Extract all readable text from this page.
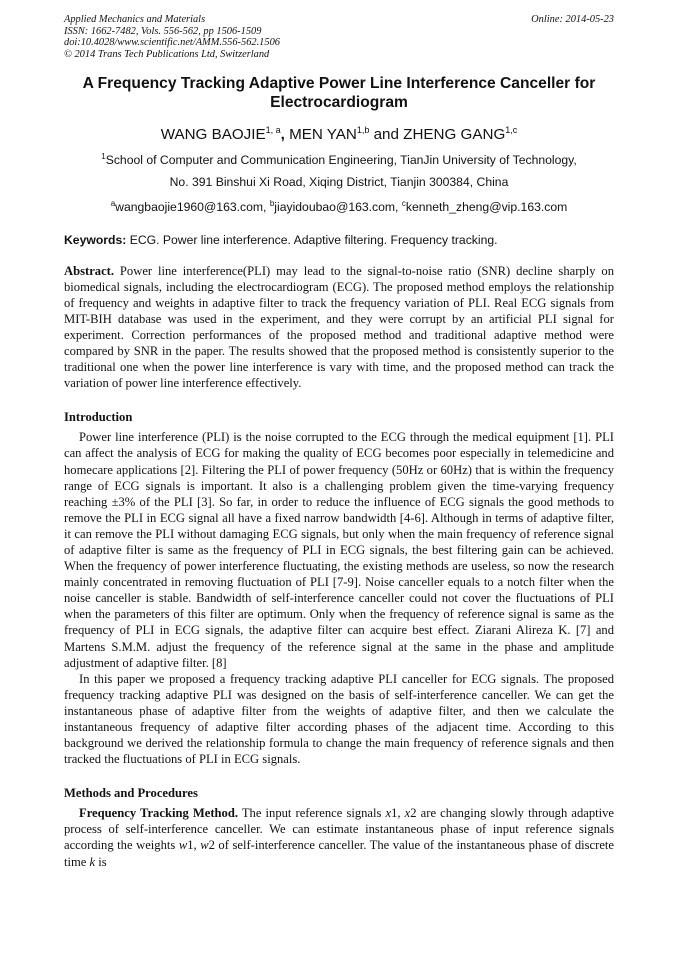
Applied Mechanics and Materials
ISSN: 1662-7482, Vols. 556-562, pp 1506-1509
doi:10.4028/www.scientific.net/AMM.556-562.1506
© 2014 Trans Tech Publications Ltd, Switzerland
Online: 2014-05-23
A Frequency Tracking Adaptive Power Line Interference Canceller for Electrocardiogram
WANG BAOJIE$^{1, a}$, MEN YAN$^{1,b}$ and ZHENG GANG$^{1,c}$
$^1$School of Computer and Communication Engineering, TianJin University of Technology,
No. 391 Binshui Xi Road, Xiqing District, Tianjin 300384, China
$^a$wangbaojie1960@163.com, $^b$jiayidoubao@163.com, $^c$kenneth_zheng@vip.163.com
Keywords: ECG. Power line interference. Adaptive filtering. Frequency tracking.

Abstract. Power line interference(PLI) may lead to the signal-to-noise ratio (SNR) decline sharply on biomedical signals, including the electrocardiogram (ECG). The proposed method employs the relationship of frequency and weights in adaptive filter to track the frequency variation of PLI. Real ECG signals from MIT-BIH database was used in the experiment, and they were corrupt by an artificial PLI signal for experiment. Correction performances of the proposed method and traditional adaptive method were compared by SNR in the paper. The results showed that the proposed method is consistently superior to the traditional one when the power line interference is vary with time, and the proposed method can track the variation of power line interference effectively.

Introduction

Power line interference (PLI) is the noise corrupted to the ECG through the medical equipment [1]. PLI can affect the analysis of ECG for making the quality of ECG becomes poor especially in telemedicine and homecare applications [2]. Filtering the PLI of power frequency (50Hz or 60Hz) that is within the frequency range of ECG signals is important. It also is a challenging problem given the time-varying frequency reaching ±3% of the PLI [3]. So far, in order to reduce the influence of ECG signals the good methods to remove the PLI in ECG signal all have a fixed narrow bandwidth [4-6]. Although in terms of adaptive filter, it can remove the PLI without damaging ECG signals, but only when the main frequency of reference signal of adaptive filter is same as the frequency of PLI in ECG signals, the best filtering gain can be achieved. When the frequency of power interference fluctuating, the existing methods are useless, so now the research mainly concentrated in removing fluctuation of PLI [7-9]. Noise canceller equals to a notch filter when the noise canceller is stable. Bandwidth of self-interference canceller could not cover the fluctuations of PLI when the parameters of this filter are optimum. Only when the frequency of reference signal is same as the frequency of PLI in ECG signals, the adaptive filter can acquire best effect. Ziarani Alireza K. [7] and Martens S.M.M. adjust the frequency of the reference signal at the same in the phase and amplitude adjustment of adaptive filter. [8]

In this paper we proposed a frequency tracking adaptive PLI canceller for ECG signals. The proposed frequency tracking adaptive PLI was designed on the basis of self-interference canceller. We can get the instantaneous phase of adaptive filter from the weights of adaptive filter, and then we calculate the instantaneous frequency of adaptive filter according phases of the adjacent time. According to this background we derived the relationship formula to change the main frequency of reference signals and then tracked the fluctuations of PLI in ECG signals.

Methods and Procedures

Frequency Tracking Method. The input reference signals x1, x2 are changing slowly through adaptive process of self-interference canceller. We can estimate instantaneous phase of input reference signals according the weights w1, w2 of self-interference canceller. The value of the instantaneous phase of discrete time k is
